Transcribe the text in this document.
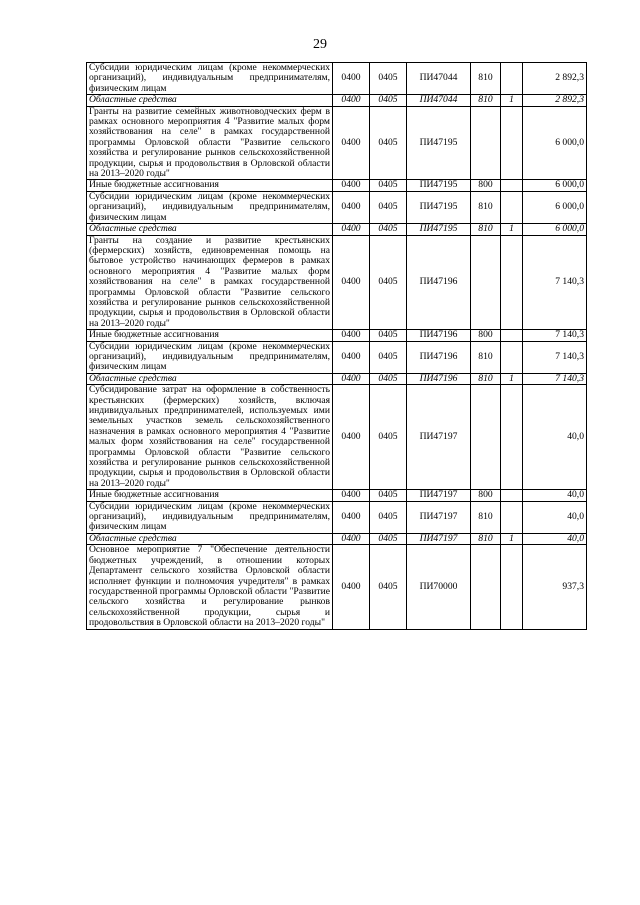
29
Субсидии юридическим лицам (кроме некоммерческих организаций), индивидуальным предпринимателям, физическим лицам	0400	0405	ПИ47044	810		2 892,3
Областные средства	0400	0405	ПИ47044	810	1	2 892,3
Гранты на развитие семейных животноводческих ферм в рамках основного мероприятия 4 "Развитие малых форм хозяйствования на селе" в рамках государственной программы Орловской области "Развитие сельского хозяйства и регулирование рынков сельскохозяйственной продукции, сырья и продовольствия в Орловской области на 2013–2020 годы"	0400	0405	ПИ47195			6 000,0
Иные бюджетные ассигнования	0400	0405	ПИ47195	800		6 000,0
Субсидии юридическим лицам (кроме некоммерческих организаций), индивидуальным предпринимателям, физическим лицам	0400	0405	ПИ47195	810		6 000,0
Областные средства	0400	0405	ПИ47195	810	1	6 000,0
Гранты на создание и развитие крестьянских (фермерских) хозяйств, единовременная помощь на бытовое устройство начинающих фермеров в рамках основного мероприятия 4 "Развитие малых форм хозяйствования на селе" в рамках государственной программы Орловской области "Развитие сельского хозяйства и регулирование рынков сельскохозяйственной продукции, сырья и продовольствия в Орловской области на 2013–2020 годы"	0400	0405	ПИ47196			7 140,3
Иные бюджетные ассигнования	0400	0405	ПИ47196	800		7 140,3
Субсидии юридическим лицам (кроме некоммерческих организаций), индивидуальным предпринимателям, физическим лицам	0400	0405	ПИ47196	810		7 140,3
Областные средства	0400	0405	ПИ47196	810	1	7 140,3
Субсидирование затрат на оформление в собственность крестьянских (фермерских) хозяйств, включая индивидуальных предпринимателей, используемых ими земельных участков земель сельскохозяйственного назначения в рамках основного мероприятия 4 "Развитие малых форм хозяйствования на селе" государственной программы Орловской области "Развитие сельского хозяйства и регулирование рынков сельскохозяйственной продукции, сырья и продовольствия в Орловской области на 2013–2020 годы"	0400	0405	ПИ47197			40,0
Иные бюджетные ассигнования	0400	0405	ПИ47197	800		40,0
Субсидии юридическим лицам (кроме некоммерческих организаций), индивидуальным предпринимателям, физическим лицам	0400	0405	ПИ47197	810		40,0
Областные средства	0400	0405	ПИ47197	810	1	40,0
Основное мероприятие 7 "Обеспечение деятельности бюджетных учреждений, в отношении которых Департамент сельского хозяйства Орловской области исполняет функции и полномочия учредителя" в рамках государственной программы Орловской области "Развитие сельского хозяйства и регулирование рынков сельскохозяйственной продукции, сырья и продовольствия в Орловской области на 2013–2020 годы"	0400	0405	ПИ70000			937,3
